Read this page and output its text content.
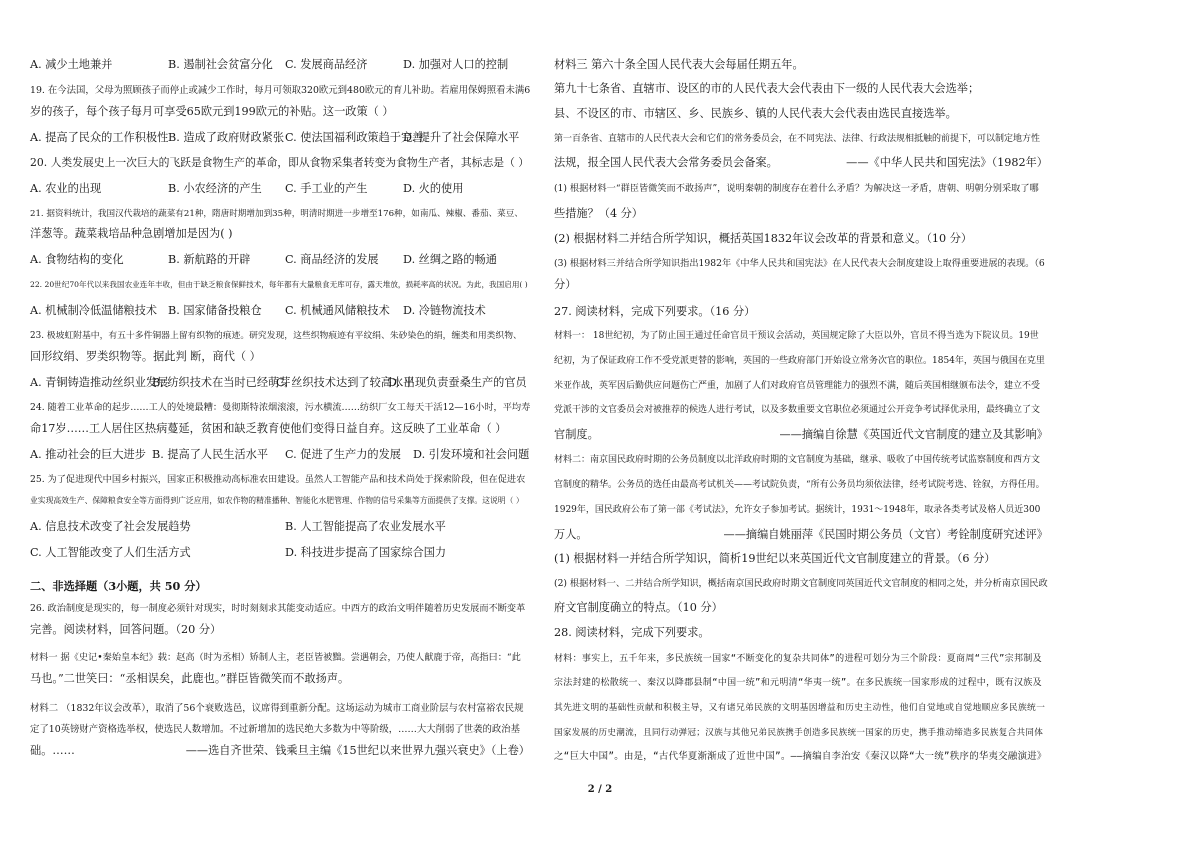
A. 减少土地兼并	B. 遏制社会贫富分化 C. 发展商品经济	D. 加强对人口的控制
19. 在今法国，父母为照顾孩子而停止或减少工作时，每月可领取320欧元到480欧元的育儿补助。若雇用保姆照看未满6
岁的孩子，每个孩子每月可享受65欧元到199欧元的补贴。这一政策（ ）
A. 提高了民众的工作积极性 B. 造成了政府财政紧张 C. 使法国福利政策趋于完善
D. 提升了社会保障水平
20. 人类发展史上一次巨大的飞跃是食物生产的革命，即从食物采集者转变为食物生产者，其标志是（ ）
A. 农业的出现	B. 小农经济的产生 C. 手工业的产生	D. 火的使用
21. 据资料统计，我国汉代栽培的蔬菜有21种，隋唐时期增加到35种，明清时期进一步增至176种，如南瓜、辣椒、番茄、菜豆、
洋葱等。蔬菜栽培品种急剧增加是因为( )
A. 食物结构的变化	B. 新航路的开辟	C. 商品经济的发展 D. 丝绸之路的畅通
22. 20世纪70年代以来我国农业连年丰收，但由于缺乏粮食保鲜技术，每年都有大量粮食无库可存，露天堆放，损耗率高的状况。为此，我国启用( )
A. 机械制冷低温储粮技术 B. 国家储备投粮仓 C. 机械通风储粮技术 D. 冷链物流技术
23. 极坡虹附基中，有五十多件铜器上留有织物的痕迹。研究发现，这些织物痕迹有平纹绢、朱砂染色的绢，缠类和用类织物、
回形纹绢、罗类织物等。据此判 断，商代（ ）
A. 青铜铸造推动丝织业发展
B. 纺织技术在当时已经萌芽
C. 丝织技术达到了较高水平
D. 出现负责蚕桑生产的官员
24. 随着工业革命的起步……工人的处境最糟：曼彻斯特浓烟滚滚，污水横流……纺织厂女工每天干活12—16小时，平均寿
命17岁……工人居住区热病蔓延，贫困和缺乏教育使他们变得日益自弃。这反映了工业革命（ ）
A. 推动社会的巨大进步 B. 提高了人民生活水平 C. 促进了生产力的发展 D. 引发环境和社会问题
25. 为了促进现代中国乡村振兴，国家正积极推动高标准农田建设。虽然人工智能产品和技术尚处于探索阶段，但在促进农
业实现高效生产、保障粮食安全等方面得到广泛应用，如农作物的精准播种、智能化水肥管理、作物的信号采集等方面提供了支撑。这说明（ ）
A. 信息技术改变了社会发展趋势	B. 人工智能提高了农业发展水平
C. 人工智能改变了人们生活方式	D. 科技进步提高了国家综合国力
二、非选择题（3小题，共 50 分）
26. 政治制度是现实的，每一制度必须针对现实，时时刻刻求其能变动适应。中西方的政治文明伴随着历史发展而不断变革
完善。阅读材料，回答问题。（20 分）
材料一 据《史记•秦始皇本纪》载：赵高（时为丞相）矫制人主，老臣皆被黜。尝遇朝会，乃使人献鹿于帝，高指曰：“此
马也。”二世笑曰：“丞相误矣，此鹿也。”群臣皆微笑而不敢扬声。
材料二 （1832年议会改革），取消了56个衰败选邑，议席得到重新分配。这场运动为城市工商业阶层与农村富裕农民规
定了10英镑财产资格选举权，使选民人数增加。不过新增加的选民绝大多数为中等阶级，……大大削弱了世袭的政治基
础。……	——选自齐世荣、钱乘旦主编《15世纪以来世界九强兴衰史》（上卷）
材料三 第六十条全国人民代表大会每届任期五年。
第九十七条省、直辖市、设区的市的人民代表大会代表由下一级的人民代表大会选举；
县、不设区的市、市辖区、乡、民族乡、镇的人民代表大会代表由选民直接选举。
第一百条省、直辖市的人民代表大会和它们的常务委员会，在不同宪法、法律、行政法规相抵触的前提下，可以制定地方性
法规，报全国人民代表大会常务委员会备案。	——《中华人民共和国宪法》（1982年）
(1) 根据材料一“群臣皆微笑而不敢扬声”，说明秦朝的制度存在着什么矛盾？为解决这一矛盾，唐朝、明朝分别采取了哪
些措施？（4 分）
(2) 根据材料二并结合所学知识，概括英国1832年议会改革的背景和意义。（10 分）
(3) 根据材料三并结合所学知识指出1982年《中华人民共和国宪法》在人民代表大会制度建设上取得重要进展的表现。（6
分）
27. 阅读材料，完成下列要求。（16 分）
材料一： 18世纪初，为了防止国王通过任命官员干预议会活动，英国规定除了大臣以外，官员不得当选为下院议员。19世
纪初，为了保证政府工作不受党派更替的影响，英国的一些政府部门开始设立常务次官的职位。1854年，英国与俄国在克里
米亚作战，英军因后勤供应问题伤亡严重，加剧了人们对政府官员管理能力的强烈不满，随后英国相继颁布法令，建立不受
党派干涉的文官委员会对被推荐的候选人进行考试，以及多数重要文官职位必须通过公开竞争考试择优录用，最终确立了文
官制度。	——摘编自徐慧《英国近代文官制度的建立及其影响》
材料二：南京国民政府时期的公务员制度以北洋政府时期的文官制度为基础，继承、吸收了中国传统考试监察制度和西方文
官制度的精华。公务员的选任由最高考试机关——考试院负责，“所有公务员均须依法律，经考试院考选、铨叙，方得任用。
1929年，国民政府公布了第一部《考试法》，允许女子参加考试。据统计，1931～1948年，取录各类考试及格人员近300
万人。	——摘编自姚丽萍《民国时期公务员（文官）考铨制度研究述评》
(1) 根据材料一并结合所学知识，简析19世纪以来英国近代文官制度建立的背景。（6 分）
(2) 根据材料一、二并结合所学知识，概括南京国民政府时期文官制度同英国近代文官制度的相同之处，并分析南京国民政
府文官制度确立的特点。（10 分）
28. 阅读材料，完成下列要求。
材料：事实上，五千年来，多民族统一国家“不断变化的复杂共同体”的进程可划分为三个阶段：夏商周“三代”宗邦制及
宗法封建的松散统一、秦汉以降郡县制“中国一统”和元明清“华夷一统”。在多民族统一国家形成的过程中，既有汉族及
其先进文明的基础性贡献和积极主导，又有诸兄弟民族的文明基因增益和历史主动性，他们自觉地或自觉地顺应多民族统一
国家发展的历史潮流，且同行动弹冠；汉族与其他兄弟民族携手创造多民族统一国家的历史，携手推动缔造多民族复合共同体
之“巨大中国”。由是，“古代华夏渐渐成了近世中国”。——摘编自李治安《秦汉以降“大一统”秩序的华夷交融演进》
2 / 2
